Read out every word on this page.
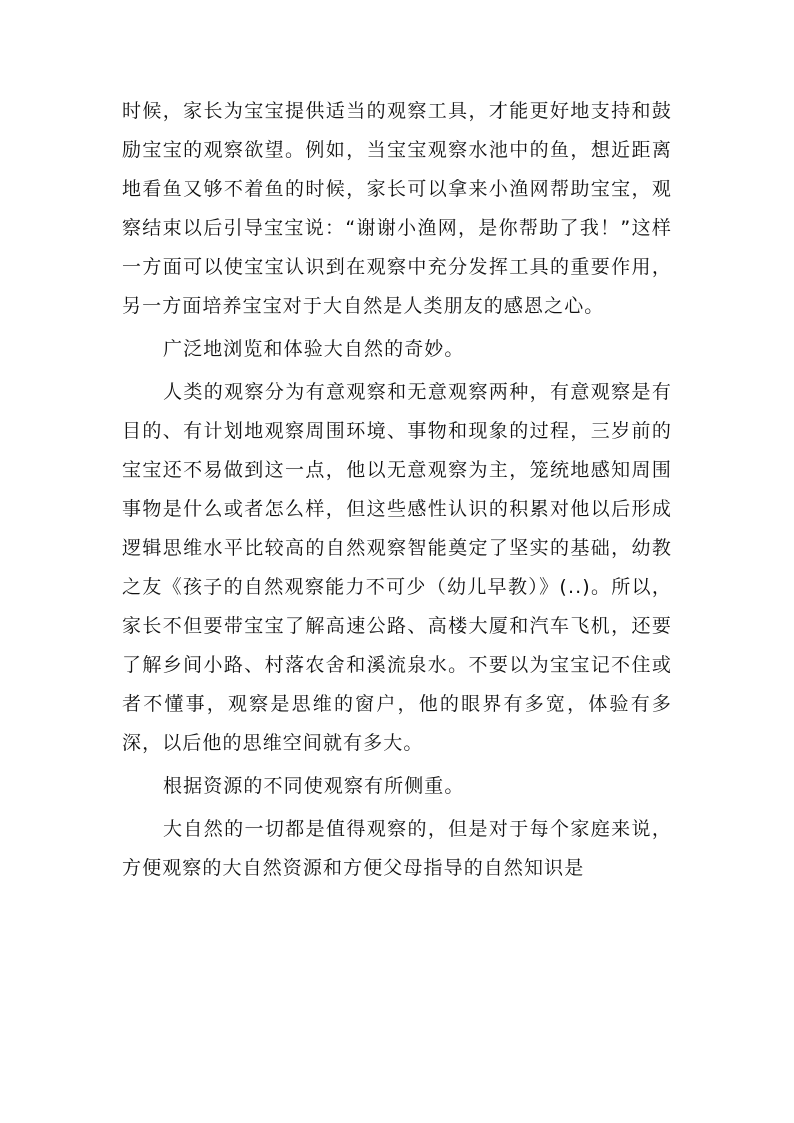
时候，家长为宝宝提供适当的观察工具，才能更好地支持和鼓励宝宝的观察欲望。例如，当宝宝观察水池中的鱼，想近距离地看鱼又够不着鱼的时候，家长可以拿来小渔网帮助宝宝，观察结束以后引导宝宝说：“谢谢小渔网，是你帮助了我！”这样一方面可以使宝宝认识到在观察中充分发挥工具的重要作用，另一方面培养宝宝对于大自然是人类朋友的感恩之心。

广泛地浏览和体验大自然的奇妙。

人类的观察分为有意观察和无意观察两种，有意观察是有目的、有计划地观察周围环境、事物和现象的过程，三岁前的宝宝还不易做到这一点，他以无意观察为主，笼统地感知周围事物是什么或者怎么样，但这些感性认识的积累对他以后形成逻辑思维水平比较高的自然观察智能奠定了坚实的基础，幼教之友《孩子的自然观察能力不可少（幼儿早教）》(..)。所以，家长不但要带宝宝了解高速公路、高楼大厦和汽车飞机，还要了解乡间小路、村落农舍和溪流泉水。不要以为宝宝记不住或者不懂事，观察是思维的窗户，他的眼界有多宽，体验有多深，以后他的思维空间就有多大。

根据资源的不同使观察有所侧重。

大自然的一切都是值得观察的，但是对于每个家庭来说，方便观察的大自然资源和方便父母指导的自然知识是
